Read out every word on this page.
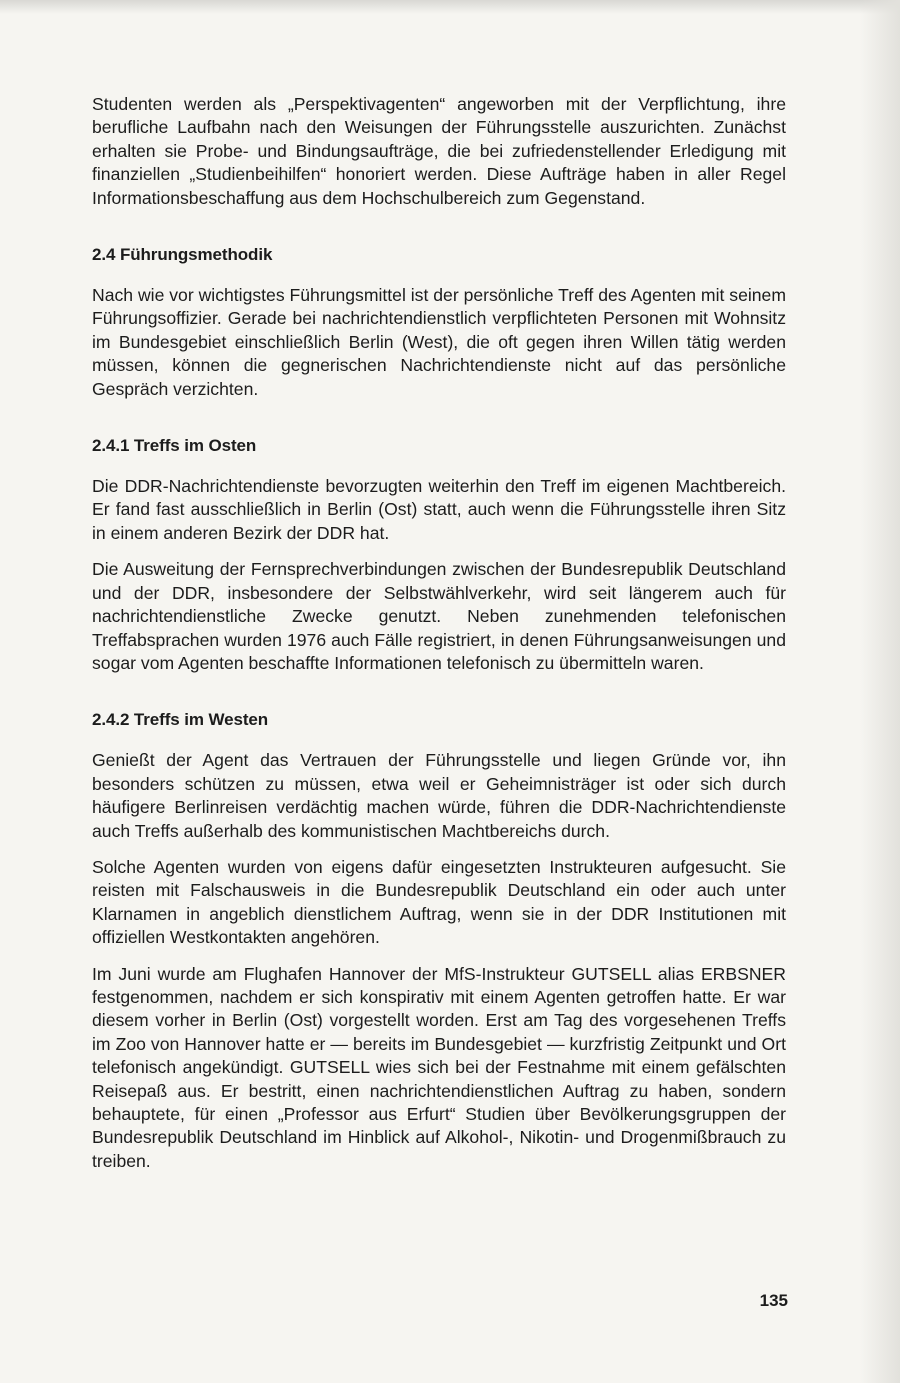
Studenten werden als „Perspektivagenten“ angeworben mit der Verpflichtung, ihre berufliche Laufbahn nach den Weisungen der Führungsstelle auszurichten. Zunächst erhalten sie Probe- und Bindungsaufträge, die bei zufriedenstellender Erledigung mit finanziellen „Studienbeihilfen“ honoriert werden. Diese Aufträge haben in aller Regel Informationsbeschaffung aus dem Hochschulbereich zum Gegenstand.

2.4 Führungsmethodik

Nach wie vor wichtigstes Führungsmittel ist der persönliche Treff des Agenten mit seinem Führungsoffizier. Gerade bei nachrichtendienstlich verpflichteten Personen mit Wohnsitz im Bundesgebiet einschließlich Berlin (West), die oft gegen ihren Willen tätig werden müssen, können die gegnerischen Nachrichtendienste nicht auf das persönliche Gespräch verzichten.

2.4.1 Treffs im Osten

Die DDR-Nachrichtendienste bevorzugten weiterhin den Treff im eigenen Machtbereich. Er fand fast ausschließlich in Berlin (Ost) statt, auch wenn die Führungsstelle ihren Sitz in einem anderen Bezirk der DDR hat.

Die Ausweitung der Fernsprechverbindungen zwischen der Bundesrepublik Deutschland und der DDR, insbesondere der Selbstwählverkehr, wird seit längerem auch für nachrichtendienstliche Zwecke genutzt. Neben zunehmenden telefonischen Treffabsprachen wurden 1976 auch Fälle registriert, in denen Führungsanweisungen und sogar vom Agenten beschaffte Informationen telefonisch zu übermitteln waren.

2.4.2 Treffs im Westen

Genießt der Agent das Vertrauen der Führungsstelle und liegen Gründe vor, ihn besonders schützen zu müssen, etwa weil er Geheimnisträger ist oder sich durch häufigere Berlinreisen verdächtig machen würde, führen die DDR-Nachrichtendienste auch Treffs außerhalb des kommunistischen Machtbereichs durch.

Solche Agenten wurden von eigens dafür eingesetzten Instrukteuren aufgesucht. Sie reisten mit Falschausweis in die Bundesrepublik Deutschland ein oder auch unter Klarnamen in angeblich dienstlichem Auftrag, wenn sie in der DDR Institutionen mit offiziellen Westkontakten angehören.

Im Juni wurde am Flughafen Hannover der MfS-Instrukteur GUTSELL alias ERBSNER festgenommen, nachdem er sich konspirativ mit einem Agenten getroffen hatte. Er war diesem vorher in Berlin (Ost) vorgestellt worden. Erst am Tag des vorgesehenen Treffs im Zoo von Hannover hatte er — bereits im Bundesgebiet — kurzfristig Zeitpunkt und Ort telefonisch angekündigt. GUTSELL wies sich bei der Festnahme mit einem gefälschten Reisepaß aus. Er bestritt, einen nachrichtendienstlichen Auftrag zu haben, sondern behauptete, für einen „Professor aus Erfurt“ Studien über Bevölkerungsgruppen der Bundesrepublik Deutschland im Hinblick auf Alkohol-, Nikotin- und Drogenmißbrauch zu treiben.

135
